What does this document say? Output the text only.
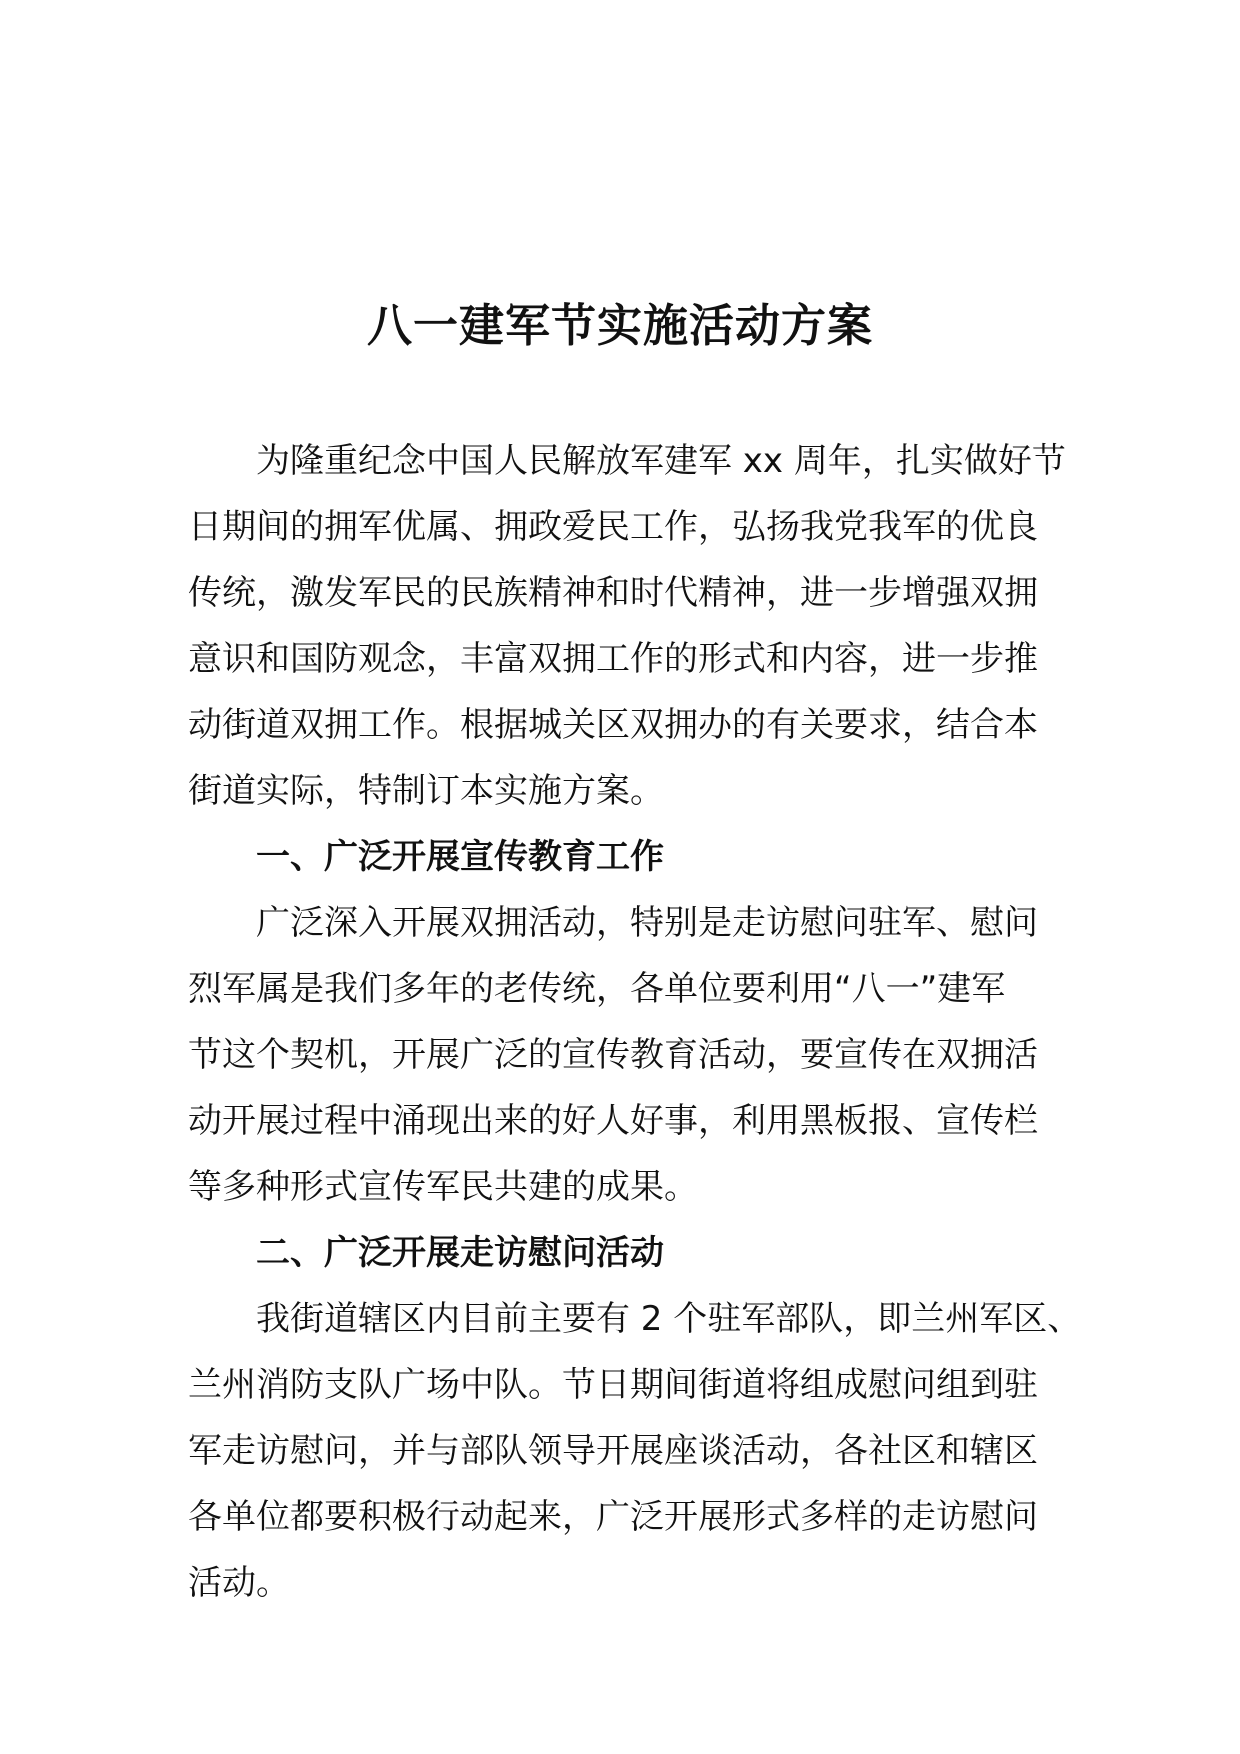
八一建军节实施活动方案
为隆重纪念中国人民解放军建军 xx 周年，扎实做好节
日期间的拥军优属、拥政爱民工作，弘扬我党我军的优良
传统，激发军民的民族精神和时代精神，进一步增强双拥
意识和国防观念，丰富双拥工作的形式和内容，进一步推
动街道双拥工作。根据城关区双拥办的有关要求，结合本
街道实际，特制订本实施方案。
一、广泛开展宣传教育工作
广泛深入开展双拥活动，特别是走访慰问驻军、慰问
烈军属是我们多年的老传统，各单位要利用“八一”建军
节这个契机，开展广泛的宣传教育活动，要宣传在双拥活
动开展过程中涌现出来的好人好事，利用黑板报、宣传栏
等多种形式宣传军民共建的成果。
二、广泛开展走访慰问活动
我街道辖区内目前主要有 2 个驻军部队，即兰州军区、
兰州消防支队广场中队。节日期间街道将组成慰问组到驻
军走访慰问，并与部队领导开展座谈活动，各社区和辖区
各单位都要积极行动起来，广泛开展形式多样的走访慰问
活动。
